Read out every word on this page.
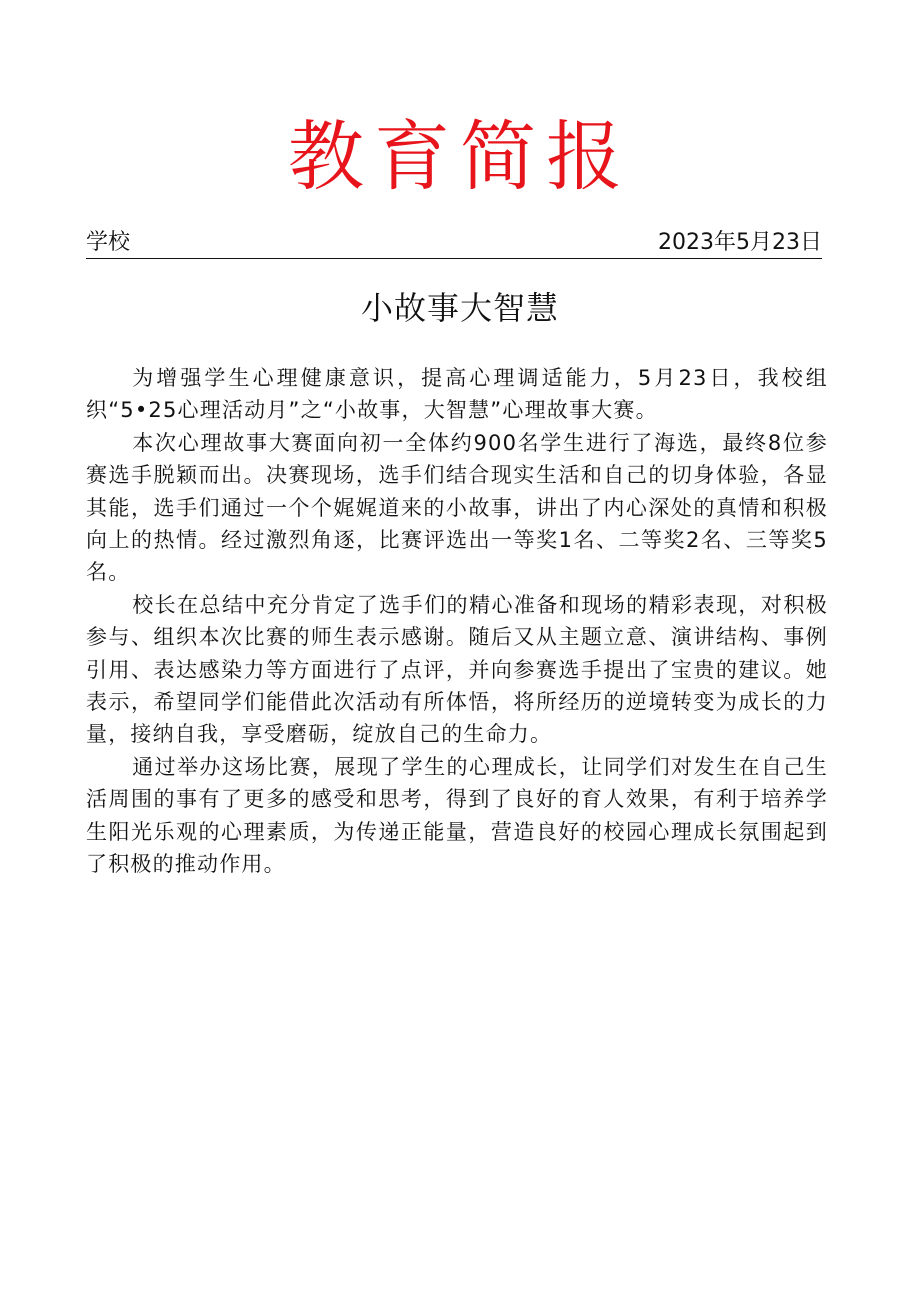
教育简报
学校	2023年5月23日
小故事大智慧

为增强学生心理健康意识，提高心理调适能力，5月23日，我校组织“5•25心理活动月”之“小故事，大智慧”心理故事大赛。

本次心理故事大赛面向初一全体约900名学生进行了海选，最终8位参赛选手脱颖而出。决赛现场，选手们结合现实生活和自己的切身体验，各显其能，选手们通过一个个娓娓道来的小故事，讲出了内心深处的真情和积极向上的热情。经过激烈角逐，比赛评选出一等奖1名、二等奖2名、三等奖5名。

校长在总结中充分肯定了选手们的精心准备和现场的精彩表现，对积极参与、组织本次比赛的师生表示感谢。随后又从主题立意、演讲结构、事例引用、表达感染力等方面进行了点评，并向参赛选手提出了宝贵的建议。她表示，希望同学们能借此次活动有所体悟，将所经历的逆境转变为成长的力量，接纳自我，享受磨砺，绽放自己的生命力。

通过举办这场比赛，展现了学生的心理成长，让同学们对发生在自己生活周围的事有了更多的感受和思考，得到了良好的育人效果，有利于培养学生阳光乐观的心理素质，为传递正能量，营造良好的校园心理成长氛围起到了积极的推动作用。
